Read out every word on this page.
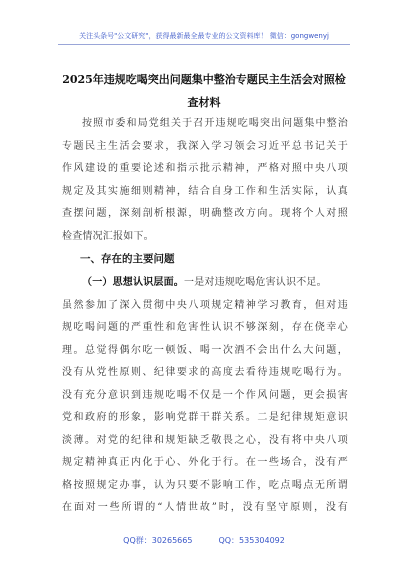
关注头条号"公文研究"，获得最新最全最专业的公文资料库！ 微信：gongwenyj
2025年违规吃喝突出问题集中整治专题民主生活会对照检
查材料
按照市委和局党组关于召开违规吃喝突出问题集中整治
专题民主生活会要求，我深入学习领会习近平总书记关于
作风建设的重要论述和指示批示精神，严格对照中央八项
规定及其实施细则精神，结合自身工作和生活实际，认真
查摆问题，深刻剖析根源，明确整改方向。现将个人对照
检查情况汇报如下。
一、存在的主要问题
（一）思想认识层面。一是对违规吃喝危害认识不足。
虽然参加了深入贯彻中央八项规定精神学习教育，但对违
规吃喝问题的严重性和危害性认识不够深刻，存在侥幸心
理。总觉得偶尔吃一顿饭、喝一次酒不会出什么大问题，
没有从党性原则、纪律要求的高度去看待违规吃喝行为。
没有充分意识到违规吃喝不仅是一个作风问题，更会损害
党和政府的形象，影响党群干群关系。二是纪律规矩意识
淡薄。对党的纪律和规矩缺乏敬畏之心，没有将中央八项
规定精神真正内化于心、外化于行。在一些场合，没有严
格按照规定办事，认为只要不影响工作，吃点喝点无所谓
在面对一些所谓的“人情世故”时，没有坚守原则，没有
QQ群：30265665	QQ：535304092
